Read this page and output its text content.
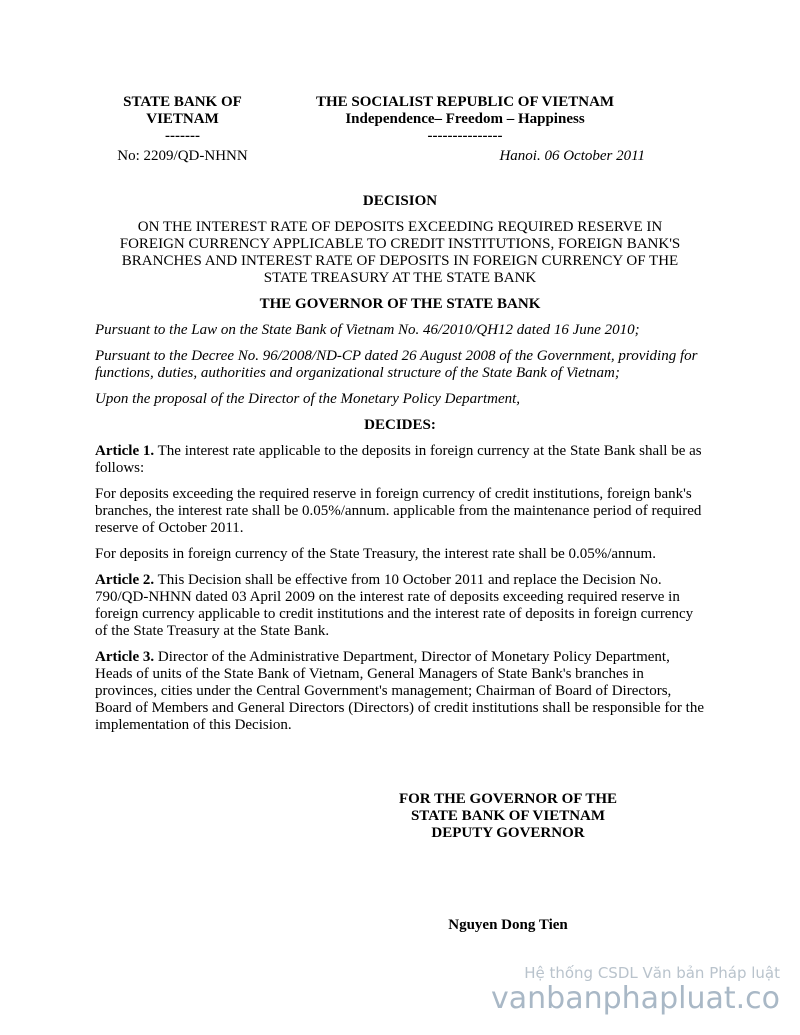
STATE BANK OF
VIETNAM
-------
No: 2209/QD-NHNN
THE SOCIALIST REPUBLIC OF VIETNAM
Independence– Freedom – Happiness
---------------
Hanoi. 06 October 2011

DECISION

ON THE INTEREST RATE OF DEPOSITS EXCEEDING REQUIRED RESERVE IN
FOREIGN CURRENCY APPLICABLE TO CREDIT INSTITUTIONS, FOREIGN BANK'S
BRANCHES AND INTEREST RATE OF DEPOSITS IN FOREIGN CURRENCY OF THE
STATE TREASURY AT THE STATE BANK

THE GOVERNOR OF THE STATE BANK

Pursuant to the Law on the State Bank of Vietnam No. 46/2010/QH12 dated 16 June 2010;

Pursuant to the Decree No. 96/2008/ND-CP dated 26 August 2008 of the Government, providing for functions, duties, authorities and organizational structure of the State Bank of Vietnam;

Upon the proposal of the Director of the Monetary Policy Department,

DECIDES:

Article 1. The interest rate applicable to the deposits in foreign currency at the State Bank shall be as follows:

For deposits exceeding the required reserve in foreign currency of credit institutions, foreign bank's branches, the interest rate shall be 0.05%/annum. applicable from the maintenance period of required reserve of October 2011.

For deposits in foreign currency of the State Treasury, the interest rate shall be 0.05%/annum.

Article 2. This Decision shall be effective from 10 October 2011 and replace the Decision No. 790/QD-NHNN dated 03 April 2009 on the interest rate of deposits exceeding required reserve in foreign currency applicable to credit institutions and the interest rate of deposits in foreign currency of the State Treasury at the State Bank.

Article 3. Director of the Administrative Department, Director of Monetary Policy Department, Heads of units of the State Bank of Vietnam, General Managers of State Bank's branches in provinces, cities under the Central Government's management; Chairman of Board of Directors, Board of Members and General Directors (Directors) of credit institutions shall be responsible for the implementation of this Decision.

FOR THE GOVERNOR OF THE
STATE BANK OF VIETNAM
DEPUTY GOVERNOR
Nguyen Dong Tien
Hệ thống CSDL Văn bản Pháp luật
vanbanphapluat.co
